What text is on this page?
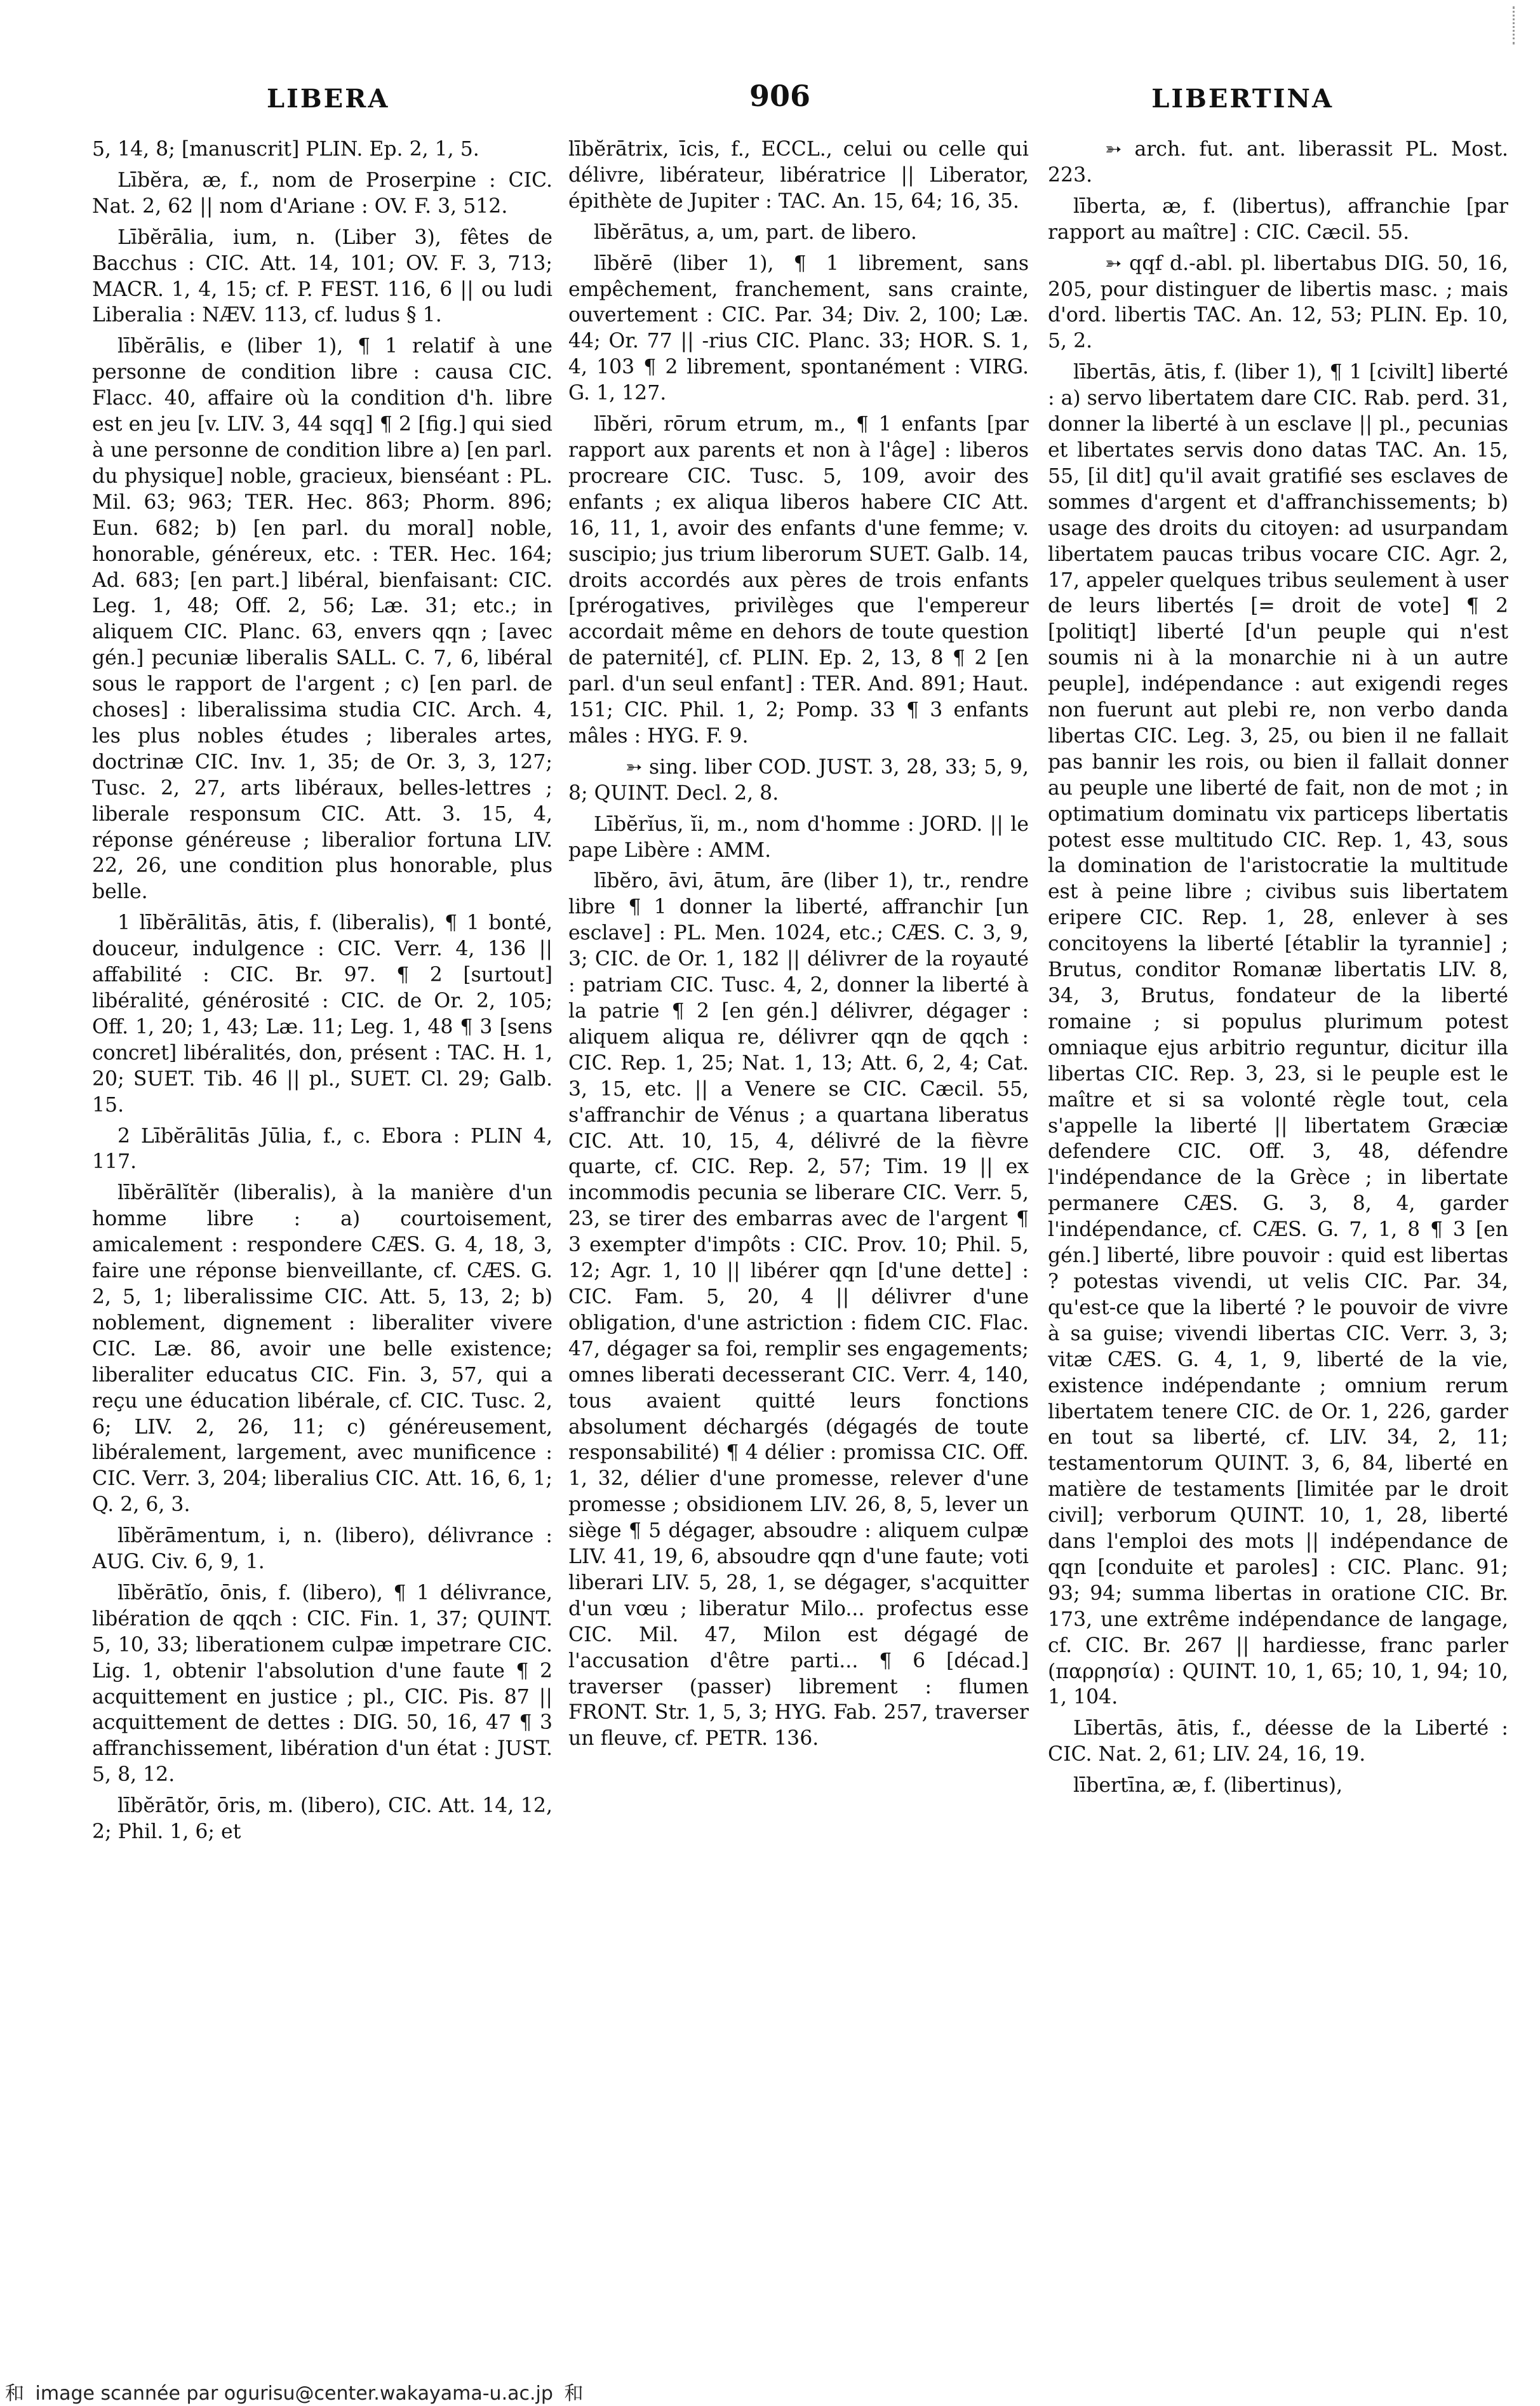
LIBERA	906	LIBERTINA

5, 14, 8; [manuscrit] PLIN. Ep. 2, 1, 5.

Lībĕra, æ, f., nom de Proserpine : CIC. Nat. 2, 62 || nom d'Ariane : OV. F. 3, 512.

Lībĕrālia, ium, n. (Liber 3), fêtes de Bacchus : CIC. Att. 14, 101; OV. F. 3, 713; MACR. 1, 4, 15; cf. P. FEST. 116, 6 || ou ludi Liberalia : NÆV. 113, cf. ludus § 1.

lībĕrālis, e (liber 1), ¶ 1 relatif à une personne de condition libre : causa CIC. Flacc. 40, affaire où la condition d'h. libre est en jeu [v. LIV. 3, 44 sqq] ¶ 2 [fig.] qui sied à une personne de condition libre a) [en parl. du physique] noble, gracieux, bienséant : PL. Mil. 63; 963; TER. Hec. 863; Phorm. 896; Eun. 682; b) [en parl. du moral] noble, honorable, généreux, etc. : TER. Hec. 164; Ad. 683; [en part.] libéral, bienfaisant: CIC. Leg. 1, 48; Off. 2, 56; Læ. 31; etc.; in aliquem CIC. Planc. 63, envers qqn ; [avec gén.] pecuniæ liberalis SALL. C. 7, 6, libéral sous le rapport de l'argent ; c) [en parl. de choses] : liberalissima studia CIC. Arch. 4, les plus nobles études ; liberales artes, doctrinæ CIC. Inv. 1, 35; de Or. 3, 3, 127; Tusc. 2, 27, arts libéraux, belles-lettres ; liberale responsum CIC. Att. 3. 15, 4, réponse généreuse ; liberalior fortuna LIV. 22, 26, une condition plus honorable, plus belle.

1 lībĕrālitās, ātis, f. (liberalis), ¶ 1 bonté, douceur, indulgence : CIC. Verr. 4, 136 || affabilité : CIC. Br. 97. ¶ 2 [surtout] libéralité, générosité : CIC. de Or. 2, 105; Off. 1, 20; 1, 43; Læ. 11; Leg. 1, 48 ¶ 3 [sens concret] libéralités, don, présent : TAC. H. 1, 20; SUET. Tib. 46 || pl., SUET. Cl. 29; Galb. 15.

2 Lībĕrālitās Jūlia, f., c. Ebora : PLIN 4, 117.

lībĕrālĭtĕr (liberalis), à la manière d'un homme libre : a) courtoisement, amicalement : respondere CÆS. G. 4, 18, 3, faire une réponse bienveillante, cf. CÆS. G. 2, 5, 1; liberalissime CIC. Att. 5, 13, 2; b) noblement, dignement : liberaliter vivere CIC. Læ. 86, avoir une belle existence; liberaliter educatus CIC. Fin. 3, 57, qui a reçu une éducation libérale, cf. CIC. Tusc. 2, 6; LIV. 2, 26, 11; c) généreusement, libéralement, largement, avec munificence : CIC. Verr. 3, 204; liberalius CIC. Att. 16, 6, 1; Q. 2, 6, 3.

lībĕrāmentum, i, n. (libero), délivrance : AUG. Civ. 6, 9, 1.

lībĕrātĭo, ōnis, f. (libero), ¶ 1 délivrance, libération de qqch : CIC. Fin. 1, 37; QUINT. 5, 10, 33; liberationem culpæ impetrare CIC. Lig. 1, obtenir l'absolution d'une faute ¶ 2 acquittement en justice ; pl., CIC. Pis. 87 || acquittement de dettes : DIG. 50, 16, 47 ¶ 3 affranchissement, libération d'un état : JUST. 5, 8, 12.

lībĕrātŏr, ōris, m. (libero), CIC. Att. 14, 12, 2; Phil. 1, 6; et

lībĕrātrix, īcis, f., ECCL., celui ou celle qui délivre, libérateur, libératrice || Liberator, épithète de Jupiter : TAC. An. 15, 64; 16, 35.

lībĕrātus, a, um, part. de libero.

lībĕrē (liber 1), ¶ 1 librement, sans empêchement, franchement, sans crainte, ouvertement : CIC. Par. 34; Div. 2, 100; Læ. 44; Or. 77 || -rius CIC. Planc. 33; HOR. S. 1, 4, 103 ¶ 2 librement, spontanément : VIRG. G. 1, 127.

lībĕri, rōrum etrum, m., ¶ 1 enfants [par rapport aux parents et non à l'âge] : liberos procreare CIC. Tusc. 5, 109, avoir des enfants ; ex aliqua liberos habere CIC Att. 16, 11, 1, avoir des enfants d'une femme; v. suscipio; jus trium liberorum SUET. Galb. 14, droits accordés aux pères de trois enfants [prérogatives, privilèges que l'empereur accordait même en dehors de toute question de paternité], cf. PLIN. Ep. 2, 13, 8 ¶ 2 [en parl. d'un seul enfant] : TER. And. 891; Haut. 151; CIC. Phil. 1, 2; Pomp. 33 ¶ 3 enfants mâles : HYG. F. 9.

➳ sing. liber COD. JUST. 3, 28, 33; 5, 9, 8; QUINT. Decl. 2, 8.

Lībĕrĭus, ĭi, m., nom d'homme : JORD. || le pape Libère : AMM.

lībĕro, āvi, ātum, āre (liber 1), tr., rendre libre ¶ 1 donner la liberté, affranchir [un esclave] : PL. Men. 1024, etc.; CÆS. C. 3, 9, 3; CIC. de Or. 1, 182 || délivrer de la royauté : patriam CIC. Tusc. 4, 2, donner la liberté à la patrie ¶ 2 [en gén.] délivrer, dégager : aliquem aliqua re, délivrer qqn de qqch : CIC. Rep. 1, 25; Nat. 1, 13; Att. 6, 2, 4; Cat. 3, 15, etc. || a Venere se CIC. Cæcil. 55, s'affranchir de Vénus ; a quartana liberatus CIC. Att. 10, 15, 4, délivré de la fièvre quarte, cf. CIC. Rep. 2, 57; Tim. 19 || ex incommodis pecunia se liberare CIC. Verr. 5, 23, se tirer des embarras avec de l'argent ¶ 3 exempter d'impôts : CIC. Prov. 10; Phil. 5, 12; Agr. 1, 10 || libérer qqn [d'une dette] : CIC. Fam. 5, 20, 4 || délivrer d'une obligation, d'une astriction : fidem CIC. Flac. 47, dégager sa foi, remplir ses engagements; omnes liberati decesserant CIC. Verr. 4, 140, tous avaient quitté leurs fonctions absolument déchargés (dégagés de toute responsabilité) ¶ 4 délier : promissa CIC. Off. 1, 32, délier d'une promesse, relever d'une promesse ; obsidionem LIV. 26, 8, 5, lever un siège ¶ 5 dégager, absoudre : aliquem culpæ LIV. 41, 19, 6, absoudre qqn d'une faute; voti liberari LIV. 5, 28, 1, se dégager, s'acquitter d'un vœu ; liberatur Milo... profectus esse CIC. Mil. 47, Milon est dégagé de l'accusation d'être parti... ¶ 6 [décad.] traverser (passer) librement : flumen FRONT. Str. 1, 5, 3; HYG. Fab. 257, traverser un fleuve, cf. PETR. 136.

➳ arch. fut. ant. liberassit PL. Most. 223.

līberta, æ, f. (libertus), affranchie [par rapport au maître] : CIC. Cæcil. 55.

➳ qqf d.-abl. pl. libertabus DIG. 50, 16, 205, pour distinguer de libertis masc. ; mais d'ord. libertis TAC. An. 12, 53; PLIN. Ep. 10, 5, 2.

lībertās, ātis, f. (liber 1), ¶ 1 [civilt] liberté : a) servo libertatem dare CIC. Rab. perd. 31, donner la liberté à un esclave || pl., pecunias et libertates servis dono datas TAC. An. 15, 55, [il dit] qu'il avait gratifié ses esclaves de sommes d'argent et d'affranchissements; b) usage des droits du citoyen: ad usurpandam libertatem paucas tribus vocare CIC. Agr. 2, 17, appeler quelques tribus seulement à user de leurs libertés [= droit de vote] ¶ 2 [politiqt] liberté [d'un peuple qui n'est soumis ni à la monarchie ni à un autre peuple], indépendance : aut exigendi reges non fuerunt aut plebi re, non verbo danda libertas CIC. Leg. 3, 25, ou bien il ne fallait pas bannir les rois, ou bien il fallait donner au peuple une liberté de fait, non de mot ; in optimatium dominatu vix particeps libertatis potest esse multitudo CIC. Rep. 1, 43, sous la domination de l'aristocratie la multitude est à peine libre ; civibus suis libertatem eripere CIC. Rep. 1, 28, enlever à ses concitoyens la liberté [établir la tyrannie] ; Brutus, conditor Romanæ libertatis LIV. 8, 34, 3, Brutus, fondateur de la liberté romaine ; si populus plurimum potest omniaque ejus arbitrio reguntur, dicitur illa libertas CIC. Rep. 3, 23, si le peuple est le maître et si sa volonté règle tout, cela s'appelle la liberté || libertatem Græciæ defendere CIC. Off. 3, 48, défendre l'indépendance de la Grèce ; in libertate permanere CÆS. G. 3, 8, 4, garder l'indépendance, cf. CÆS. G. 7, 1, 8 ¶ 3 [en gén.] liberté, libre pouvoir : quid est libertas ? potestas vivendi, ut velis CIC. Par. 34, qu'est-ce que la liberté ? le pouvoir de vivre à sa guise; vivendi libertas CIC. Verr. 3, 3; vitæ CÆS. G. 4, 1, 9, liberté de la vie, existence indépendante ; omnium rerum libertatem tenere CIC. de Or. 1, 226, garder en tout sa liberté, cf. LIV. 34, 2, 11; testamentorum QUINT. 3, 6, 84, liberté en matière de testaments [limitée par le droit civil]; verborum QUINT. 10, 1, 28, liberté dans l'emploi des mots || indépendance de qqn [conduite et paroles] : CIC. Planc. 91; 93; 94; summa libertas in oratione CIC. Br. 173, une extrême indépendance de langage, cf. CIC. Br. 267 || hardiesse, franc parler (παρρησία) : QUINT. 10, 1, 65; 10, 1, 94; 10, 1, 104.

Lībertās, ātis, f., déesse de la Liberté : CIC. Nat. 2, 61; LIV. 24, 16, 19.

lībertīna, æ, f. (libertinus),

和 image scannée par ogurisu@center.wakayama-u.ac.jp 和
